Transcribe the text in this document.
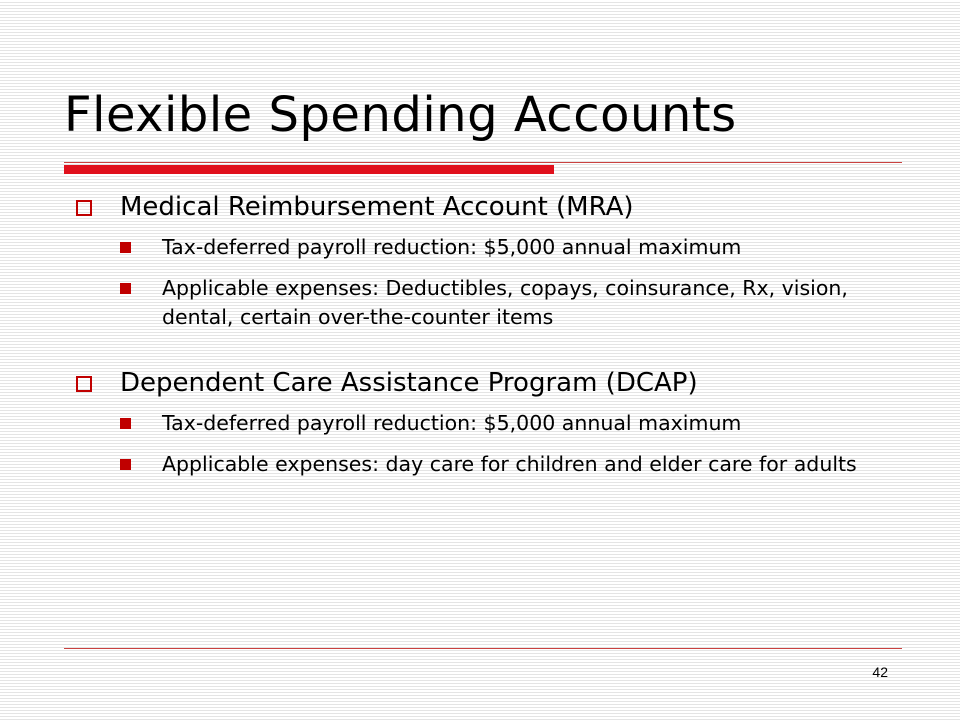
Flexible Spending Accounts
Medical Reimbursement Account (MRA)
Tax-deferred payroll reduction: $5,000 annual maximum
Applicable expenses: Deductibles, copays, coinsurance, Rx, vision, dental, certain over-the-counter items
Dependent Care Assistance Program (DCAP)
Tax-deferred payroll reduction: $5,000 annual maximum
Applicable expenses: day care for children and elder care for adults
42
